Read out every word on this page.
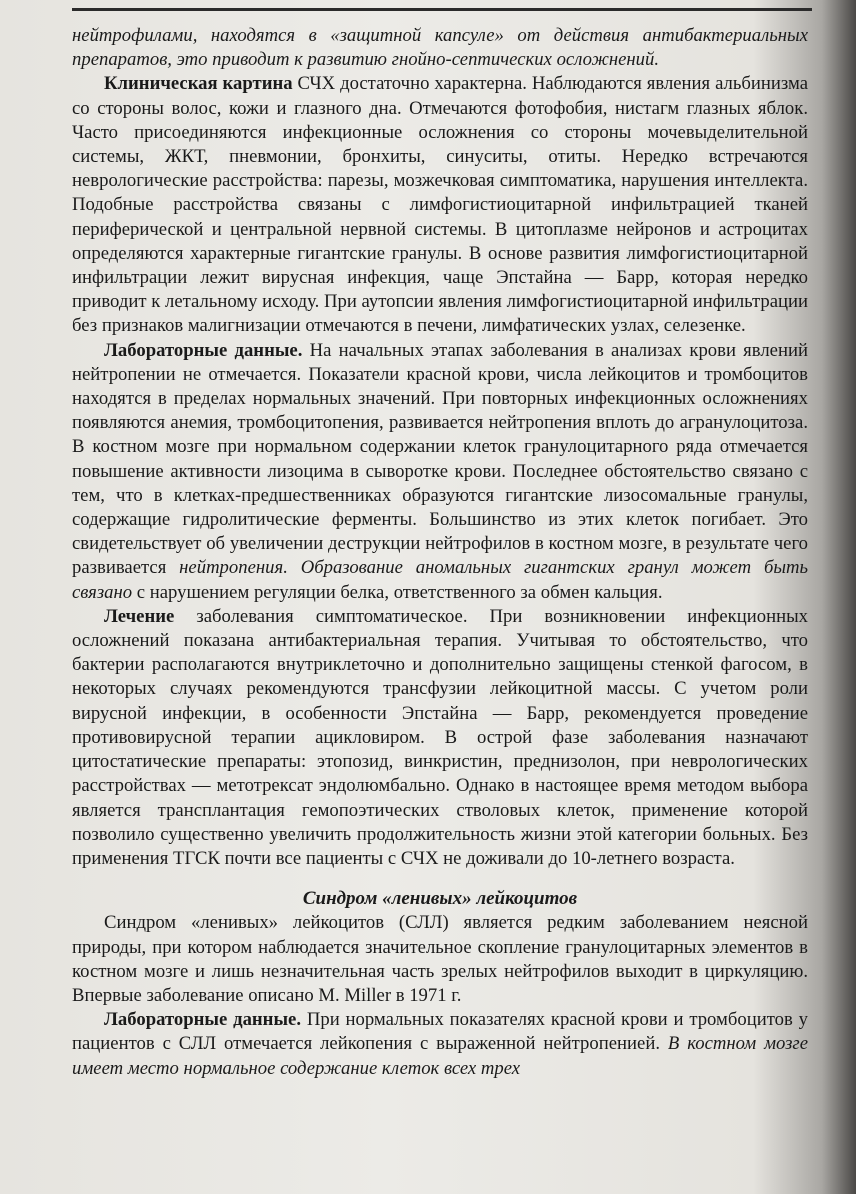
нейтрофилами, находятся в «защитной капсуле» от действия антибактериальных препаратов, это приводит к развитию гнойно-септических осложнений.

Клиническая картина СЧХ достаточно характерна. Наблюдаются явления альбинизма со стороны волос, кожи и глазного дна. Отмечаются фотофобия, нистагм глазных яблок. Часто присоединяются инфекционные осложнения со стороны мочевыделительной системы, ЖКТ, пневмонии, бронхиты, синуситы, отиты. Нередко встречаются неврологические расстройства: парезы, мозжечковая симптоматика, нарушения интеллекта. Подобные расстройства связаны с лимфогистиоцитарной инфильтрацией тканей периферической и центральной нервной системы. В цитоплазме нейронов и астроцитах определяются характерные гигантские гранулы. В основе развития лимфогистиоцитарной инфильтрации лежит вирусная инфекция, чаще Эпстайна — Барр, которая нередко приводит к летальному исходу. При аутопсии явления лимфогистиоцитарной инфильтрации без признаков малигнизации отмечаются в печени, лимфатических узлах, селезенке.

Лабораторные данные. На начальных этапах заболевания в анализах крови явлений нейтропении не отмечается. Показатели красной крови, числа лейкоцитов и тромбоцитов находятся в пределах нормальных значений. При повторных инфекционных осложнениях появляются анемия, тромбоцитопения, развивается нейтропения вплоть до агранулоцитоза. В костном мозге при нормальном содержании клеток гранулоцитарного ряда отмечается повышение активности лизоцима в сыворотке крови. Последнее обстоятельство связано с тем, что в клетках-предшественниках образуются гигантские лизосомальные гранулы, содержащие гидролитические ферменты. Большинство из этих клеток погибает. Это свидетельствует об увеличении деструкции нейтрофилов в костном мозге, в результате чего развивается нейтропения. Образование аномальных гигантских гранул может быть связано с нарушением регуляции белка, ответственного за обмен кальция.

Лечение заболевания симптоматическое. При возникновении инфекционных осложнений показана антибактериальная терапия. Учитывая то обстоятельство, что бактерии располагаются внутриклеточно и дополнительно защищены стенкой фагосом, в некоторых случаях рекомендуются трансфузии лейкоцитной массы. С учетом роли вирусной инфекции, в особенности Эпстайна — Барр, рекомендуется проведение противовирусной терапии ацикловиром. В острой фазе заболевания назначают цитостатические препараты: этопозид, винкристин, преднизолон, при неврологических расстройствах — метотрексат эндолюмбально. Однако в настоящее время методом выбора является трансплантация гемопоэтических стволовых клеток, применение которой позволило существенно увеличить продолжительность жизни этой категории больных. Без применения ТГСК почти все пациенты с СЧХ не доживали до 10-летнего возраста.

Синдром «ленивых» лейкоцитов

Синдром «ленивых» лейкоцитов (СЛЛ) является редким заболеванием неясной природы, при котором наблюдается значительное скопление гранулоцитарных элементов в костном мозге и лишь незначительная часть зрелых нейтрофилов выходит в циркуляцию. Впервые заболевание описано M. Miller в 1971 г.

Лабораторные данные. При нормальных показателях красной крови и тромбоцитов у пациентов с СЛЛ отмечается лейкопения с выраженной нейтропенией. В костном мозге имеет место нормальное содержание клеток всех трех
